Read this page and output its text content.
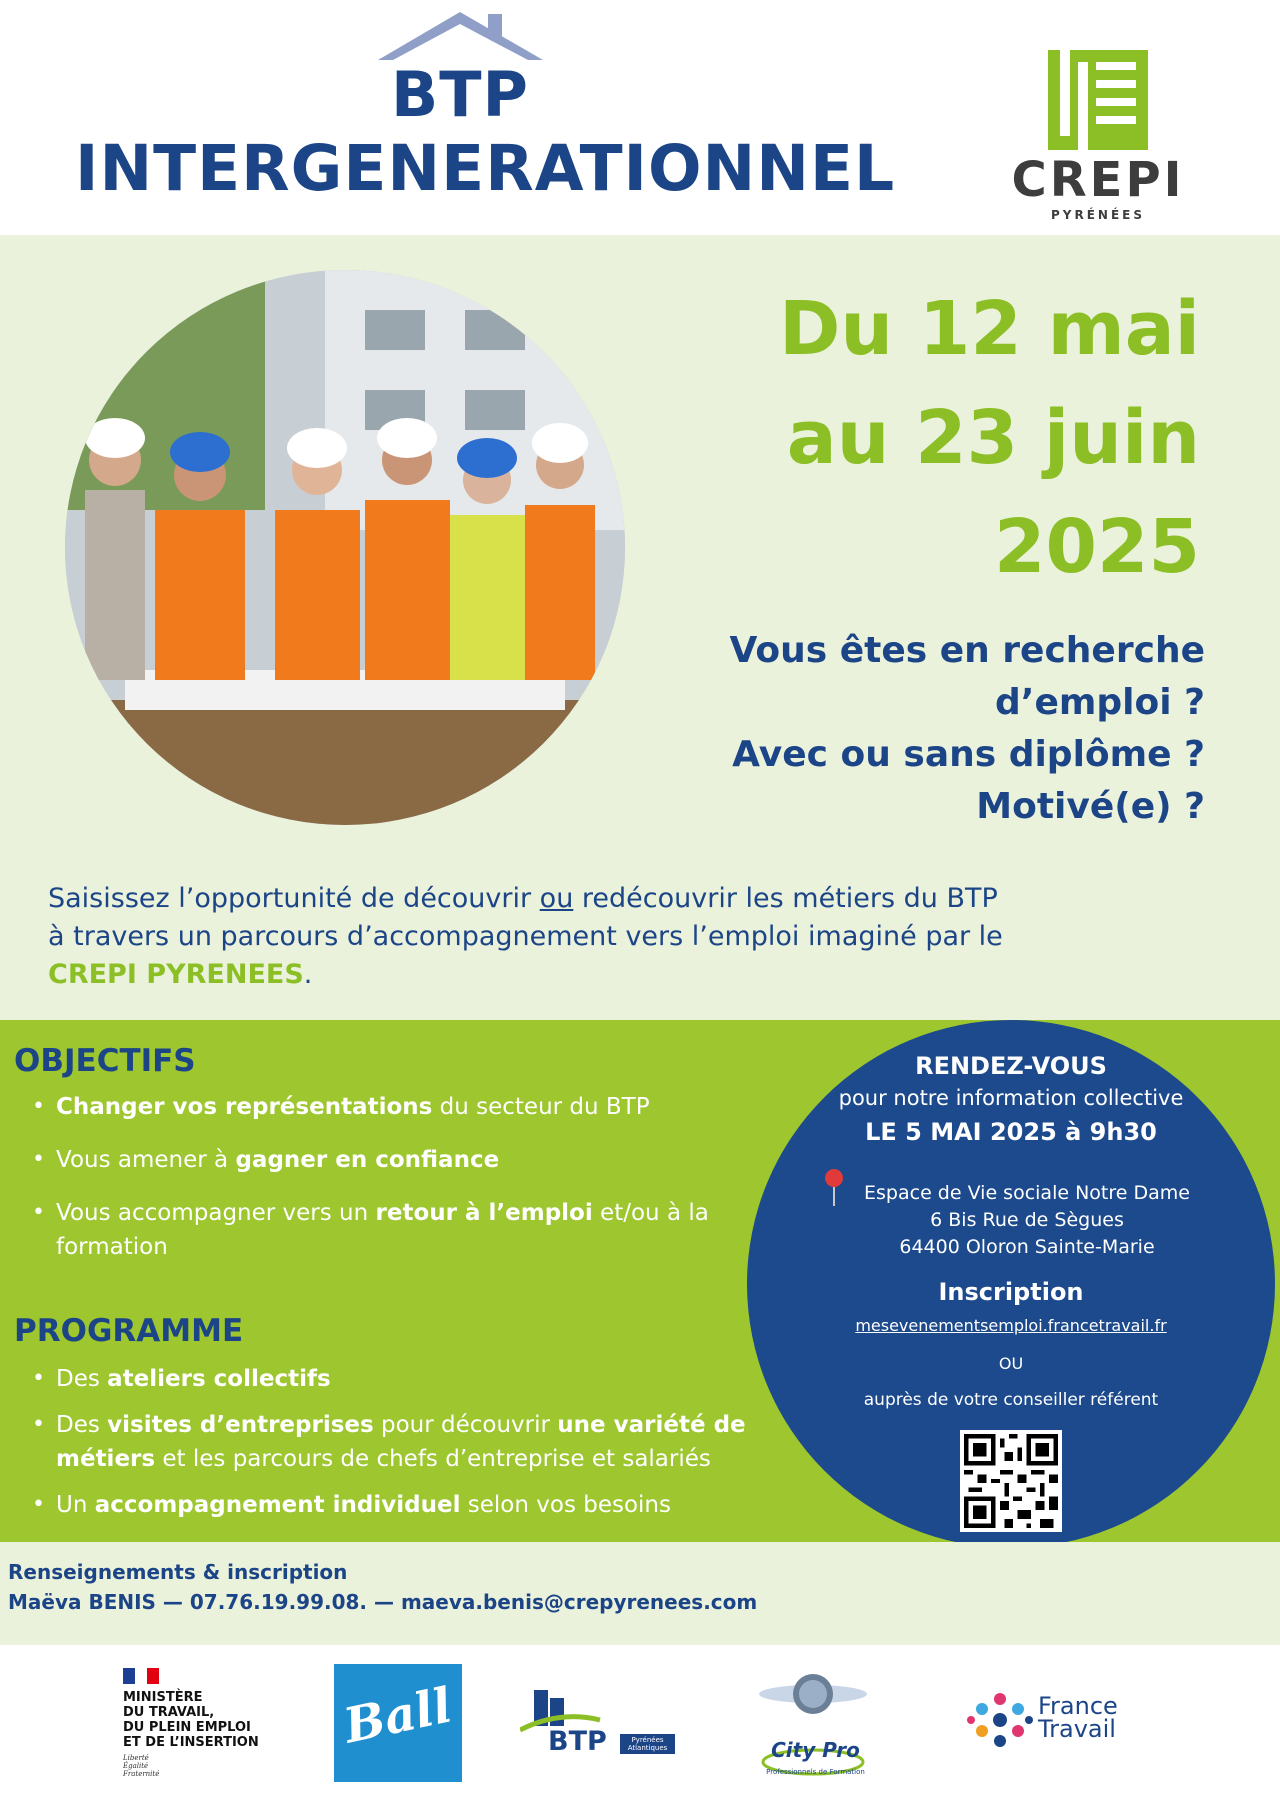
BTP
INTERGENERATIONNEL CREPI
PYRÉNÉES
Du 12 mai
au 23 juin
2025
Vous êtes en recherche
d’emploi ?
Avec ou sans diplôme ?
Motivé(e) ?
Saisissez l’opportunité de découvrir ou redécouvrir les métiers du BTP à travers un parcours d’accompagnement vers l’emploi imaginé par le CREPI PYRENEES.
OBJECTIFS
• Changer vos représentations du secteur du BTP
• Vous amener à gagner en confiance
• Vous accompagner vers un retour à l’emploi et/ou à la formation
PROGRAMME
• Des ateliers collectifs
• Des visites d’entreprises pour découvrir une variété de métiers et les parcours de chefs d’entreprise et salariés
• Un accompagnement individuel selon vos besoins
RENDEZ-VOUS
pour notre information collective
LE 5 MAI 2025 à 9h30
Espace de Vie sociale Notre Dame
6 Bis Rue de Sègues
64400 Oloron Sainte-Marie
Inscription
mesevenementsemploi.francetravail.fr
OU
auprès de votre conseiller référent
Renseignements & inscription
Maëva BENIS — 07.76.19.99.08. — maeva.benis@crepyrenees.com
MINISTÈRE
DU TRAVAIL,
DU PLEIN EMPLOI
ET DE L’INSERTION
Liberté
Égalité
Fraternité
Ball	BTP	Pyrénées Atlantiques	City Pro
Professionnels de Formation
France
Travail
